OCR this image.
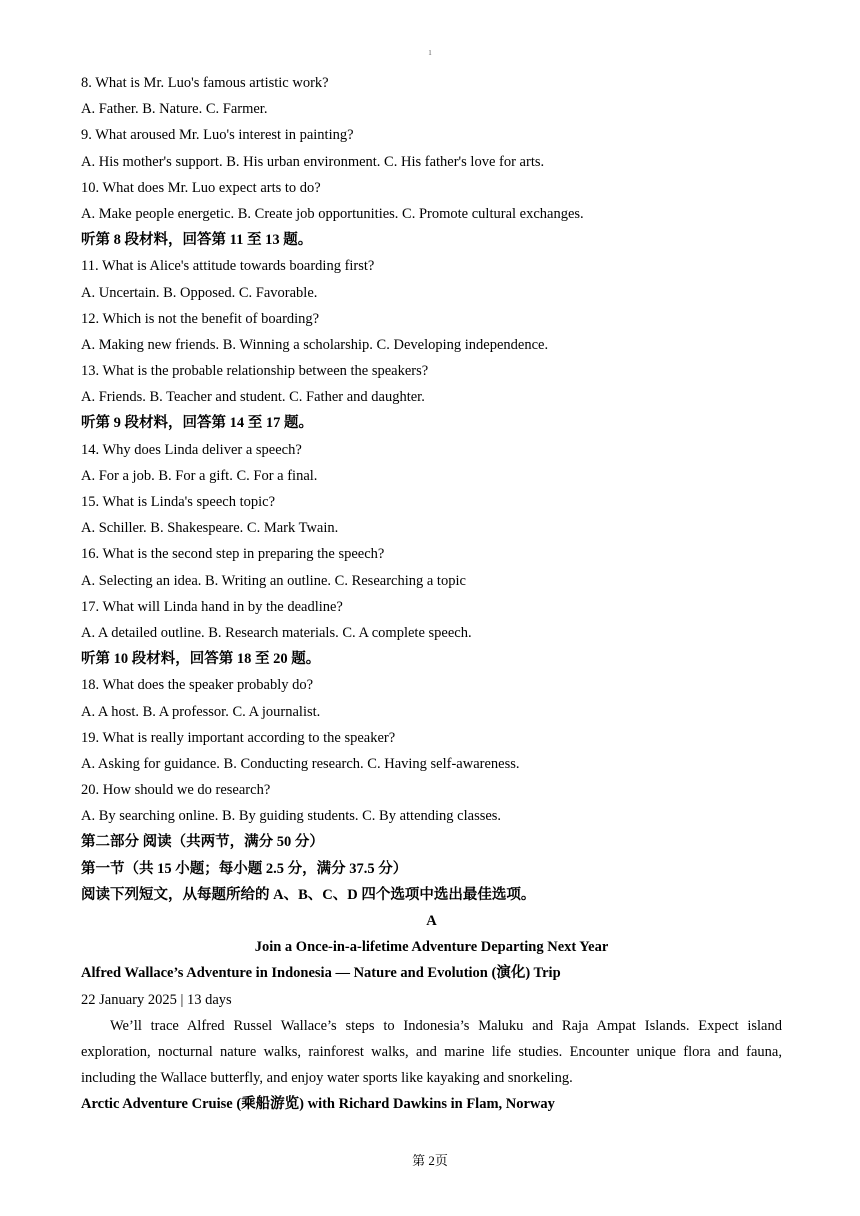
1
8. What is Mr. Luo's famous artistic work?
A. Father. B. Nature. C. Farmer.
9. What aroused Mr. Luo's interest in painting?
A. His mother's support. B. His urban environment. C. His father's love for arts.
10. What does Mr. Luo expect arts to do?
A. Make people energetic. B. Create job opportunities. C. Promote cultural exchanges.
听第 8 段材料，回答第 11 至 13 题。
11. What is Alice's attitude towards boarding first?
A. Uncertain. B. Opposed. C. Favorable.
12. Which is not the benefit of boarding?
A. Making new friends. B. Winning a scholarship. C. Developing independence.
13. What is the probable relationship between the speakers?
A. Friends. B. Teacher and student. C. Father and daughter.
听第 9 段材料，回答第 14 至 17 题。
14. Why does Linda deliver a speech?
A. For a job. B. For a gift. C. For a final.
15. What is Linda's speech topic?
A. Schiller. B. Shakespeare. C. Mark Twain.
16. What is the second step in preparing the speech?
A. Selecting an idea. B. Writing an outline. C. Researching a topic
17. What will Linda hand in by the deadline?
A. A detailed outline. B. Research materials. C. A complete speech.
听第 10 段材料，回答第 18 至 20 题。
18. What does the speaker probably do?
A. A host. B. A professor. C. A journalist.
19. What is really important according to the speaker?
A. Asking for guidance. B. Conducting research. C. Having self-awareness.
20. How should we do research?
A. By searching online. B. By guiding students. C. By attending classes.
第二部分 阅读（共两节，满分 50 分）
第一节（共 15 小题；每小题 2.5 分，满分 37.5 分）
阅读下列短文，从每题所给的 A、B、C、D 四个选项中选出最佳选项。
A
Join a Once-in-a-lifetime Adventure Departing Next Year
Alfred Wallace’s Adventure in Indonesia — Nature and Evolution (演化) Trip
22 January 2025 | 13 days
We’ll trace Alfred Russel Wallace’s steps to Indonesia’s Maluku and Raja Ampat Islands. Expect island exploration, nocturnal nature walks, rainforest walks, and marine life studies. Encounter unique flora and fauna, including the Wallace butterfly, and enjoy water sports like kayaking and snorkeling.
Arctic Adventure Cruise (乘船游览) with Richard Dawkins in Flam, Norway
第 2页
